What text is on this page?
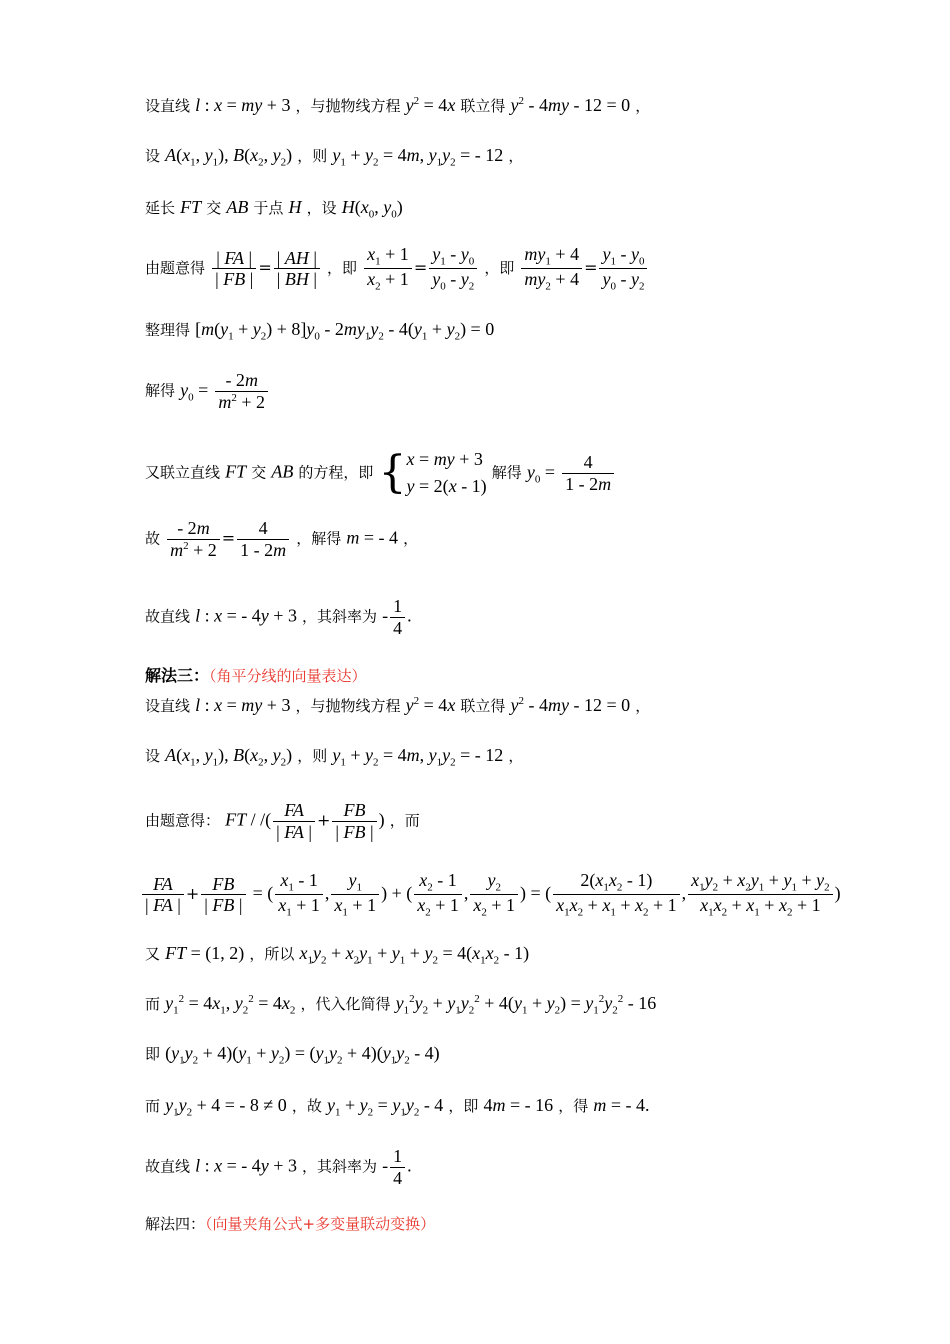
设直线 l : x = my + 3 ，与抛物线方程 $y^2 = 4x$ 联立得 $y^2 - 4my - 12 = 0$ ，
设 $A(x_1$, $y_1$), $B(x_2$, $y_2$) ，则 $y_1 + y_2 = 4m$, $y_1y_2$ = - 12 ，
延长 FT 交 AB 于点 H ，设 $H(x_0$, $y_0$)
由题意得 $\frac{| FA |}{| FB |} = \frac{| AH |}{| BH |}$ ，即 $\frac{x_1 + 1}{x_2 + 1} = \frac{y_1 - y_0}{y_0 - y_2}$ ，即 $\frac{my_1 + 4}{my_2 + 4} = \frac{y_1 - y_0}{y_0 - y_2}$
整理得 $[m(y_1 + y_2) + 8]y_0 - 2my_1y_2 - 4(y_1 + y_2) = 0$
解得 $y_0 = \frac{- 2m}{m^2 + 2}$
又联立直线 FT 交 AB 的方程，即 { x = my + 3
y = 2(x - 1)
解得 $y_0 = \frac{4}{1 - 2m}$
故 $\frac{- 2m}{m^2 + 2} = \frac{4}{1 - 2m}$ ，解得 m = - 4 ，
故直线 l : x = - 4y + 3 ，其斜率为 - $\frac{1}{4}$ .
解法三：（角平分线的向量表达）
设直线 l : x = my + 3 ，与抛物线方程 $y^2 = 4x$ 联立得 $y^2 - 4my - 12 = 0$ ，
设 $A(x_1$, $y_1$), $B(x_2$, $y_2$) ，则 $y_1 + y_2 = 4m$, $y_1y_2$ = - 12 ，
由题意得： FT / /( $\frac{FA}{| FA |} + \frac{FB}{| FB |}$ ) ，而
$\frac{FA}{| FA |} + \frac{FB}{| FB |}$ = ( $\frac{x_1 - 1}{x_1 + 1}$ , $\frac{y_1}{x_1 + 1}$ ) + ( $\frac{x_2 - 1}{x_2 + 1}$ , $\frac{y_2}{x_2 + 1}$ ) = ( $\frac{2(x_1x_2 - 1)}{x_1x_2 + x_1 + x_2 + 1}$ , $\frac{x_1y_2 + x_2y_1 + y_1 + y_2}{x_1x_2 + x_1 + x_2 + 1}$ )
又 FT = (1, 2) ，所以 $x_1y_2 + x_2y_1 + y_1 + y_2 = 4(x_1x_2 - 1)$
而 $y_1^2 = 4x_1$, $y_2^2 = 4x_2$ ，代入化简得 $y_1^2y_2 + y_1y_2^2 + 4(y_1 + y_2) = y_1^2y_2^2 - 16$
即 $(y_1y_2 + 4)(y_1 + y_2) = (y_1y_2 + 4)(y_1y_2 - 4)$
而 $y_1y_2 + 4$ = - 8 ≠ 0 ，故 $y_1 + y_2 = y_1y_2 - 4$ ，即 4m = - 16 ，得 m = - 4.
故直线 l : x = - 4y + 3 ，其斜率为 - $\frac{1}{4}$ .
解法四：（向量夹角公式+多变量联动变换）
